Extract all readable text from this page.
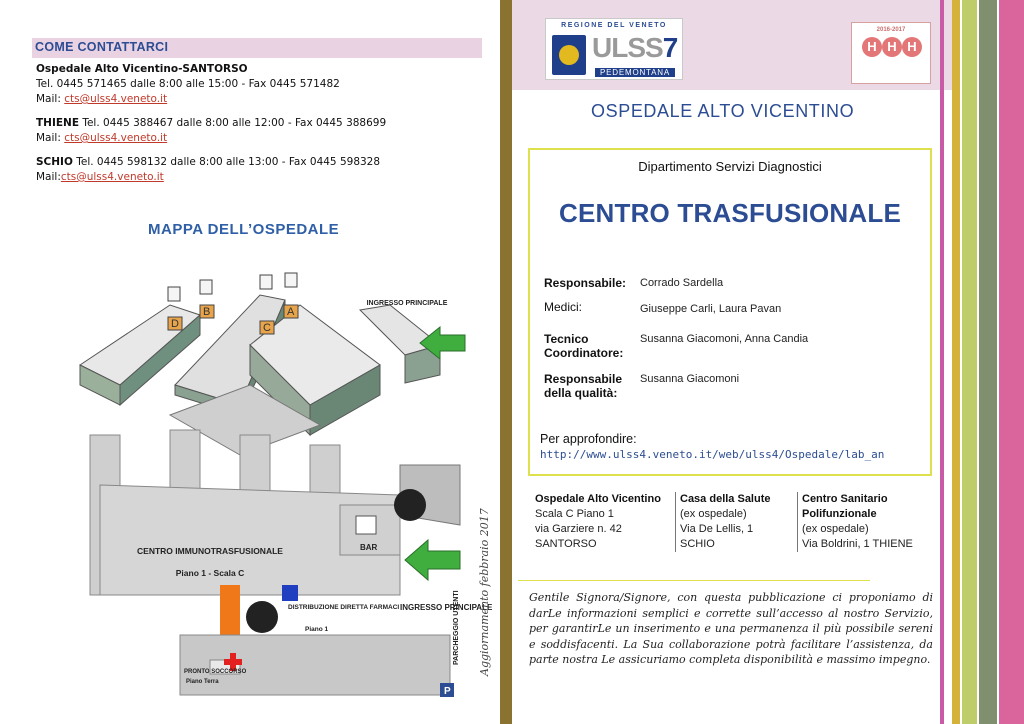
COME CONTATTARCI
Ospedale Alto Vicentino-SANTORSO
Tel. 0445 571465 dalle 8:00 alle 15:00 - Fax 0445 571482
Mail: cts@ulss4.veneto.it
THIENE Tel. 0445 388467 dalle 8:00 alle 12:00 - Fax 0445 388699
Mail: cts@ulss4.veneto.it
SCHIO Tel. 0445 598132 dalle 8:00 alle 13:00 - Fax 0445 598328
Mail:cts@ulss4.veneto.it
MAPPA DELL’OSPEDALE
D
B
C
A
INGRESSO PRINCIPALE
BAR
CENTRO IMMUNOTRASFUSIONALE
Piano 1 - Scala C
DISTRIBUZIONE DIRETTA FARMACI
Piano 1
PRONTO SOCCORSO
Piano Terra
P
INGRESSO PRINCIPALE
PARCHEGGIO UTENTI Aggiornamento febbraio 2017
REGIONE DEL VENETO
ULSS7
PEDEMONTANA
2016-2017
H H H
OSPEDALE ALTO VICENTINO
Dipartimento Servizi Diagnostici
CENTRO TRASFUSIONALE
Responsabile:	Corrado Sardella
Medici:	Giuseppe Carli, Laura Pavan
Tecnico Coordinatore:
Susanna Giacomoni, Anna Candia
Responsabile della qualità:
Susanna Giacomoni
Per approfondire:
http://www.ulss4.veneto.it/web/ulss4/Ospedale/lab_an
Ospedale Alto Vicentino
Scala C Piano 1
via Garziere n. 42
SANTORSO
Casa della Salute
(ex ospedale)
Via De Lellis, 1
SCHIO
Centro Sanitario Polifunzionale
(ex ospedale)
Via Boldrini, 1 THIENE
Gentile Signora/Signore, con questa pubblicazione ci proponiamo di darLe informazioni semplici e corrette sull’accesso al nostro Servizio, per garantirLe un inserimento e una permanenza il più possibile sereni e soddisfacenti. La Sua collaborazione potrà facilitare l’assistenza, da parte nostra Le assicuriamo completa disponibilità e massimo impegno.
